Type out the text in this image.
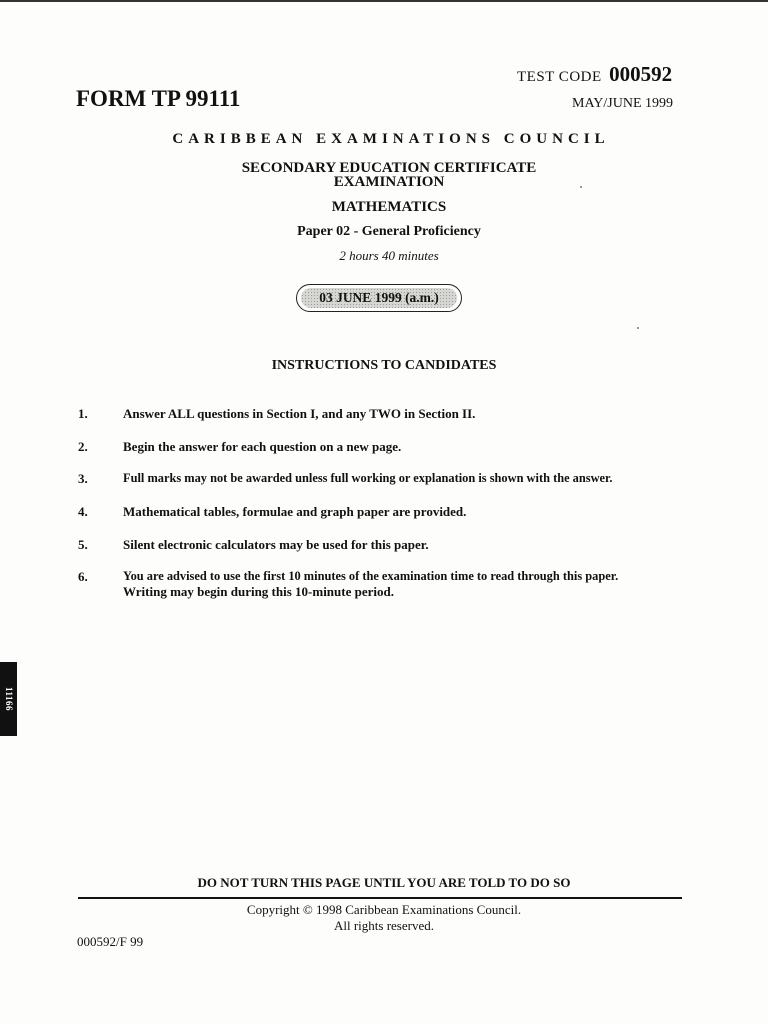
TEST CODE 000592
FORM TP 99111	MAY/JUNE 1999
CARIBBEAN EXAMINATIONS COUNCIL
SECONDARY EDUCATION CERTIFICATE
EXAMINATION
MATHEMATICS
Paper 02 - General Proficiency
2 hours 40 minutes
03 JUNE 1999 (a.m.)
INSTRUCTIONS TO CANDIDATES
1.	Answer ALL questions in Section I, and any TWO in Section II.
2.	Begin the answer for each question on a new page.
3.	Full marks may not be awarded unless full working or explanation is shown with the answer.
4.	Mathematical tables, formulae and graph paper are provided.
5.	Silent electronic calculators may be used for this paper.
6.	You are advised to use the first 10 minutes of the examination time to read through this paper.
Writing may begin during this 10-minute period.
11166
DO NOT TURN THIS PAGE UNTIL YOU ARE TOLD TO DO SO
Copyright © 1998 Caribbean Examinations Council.
All rights reserved.
000592/F 99
